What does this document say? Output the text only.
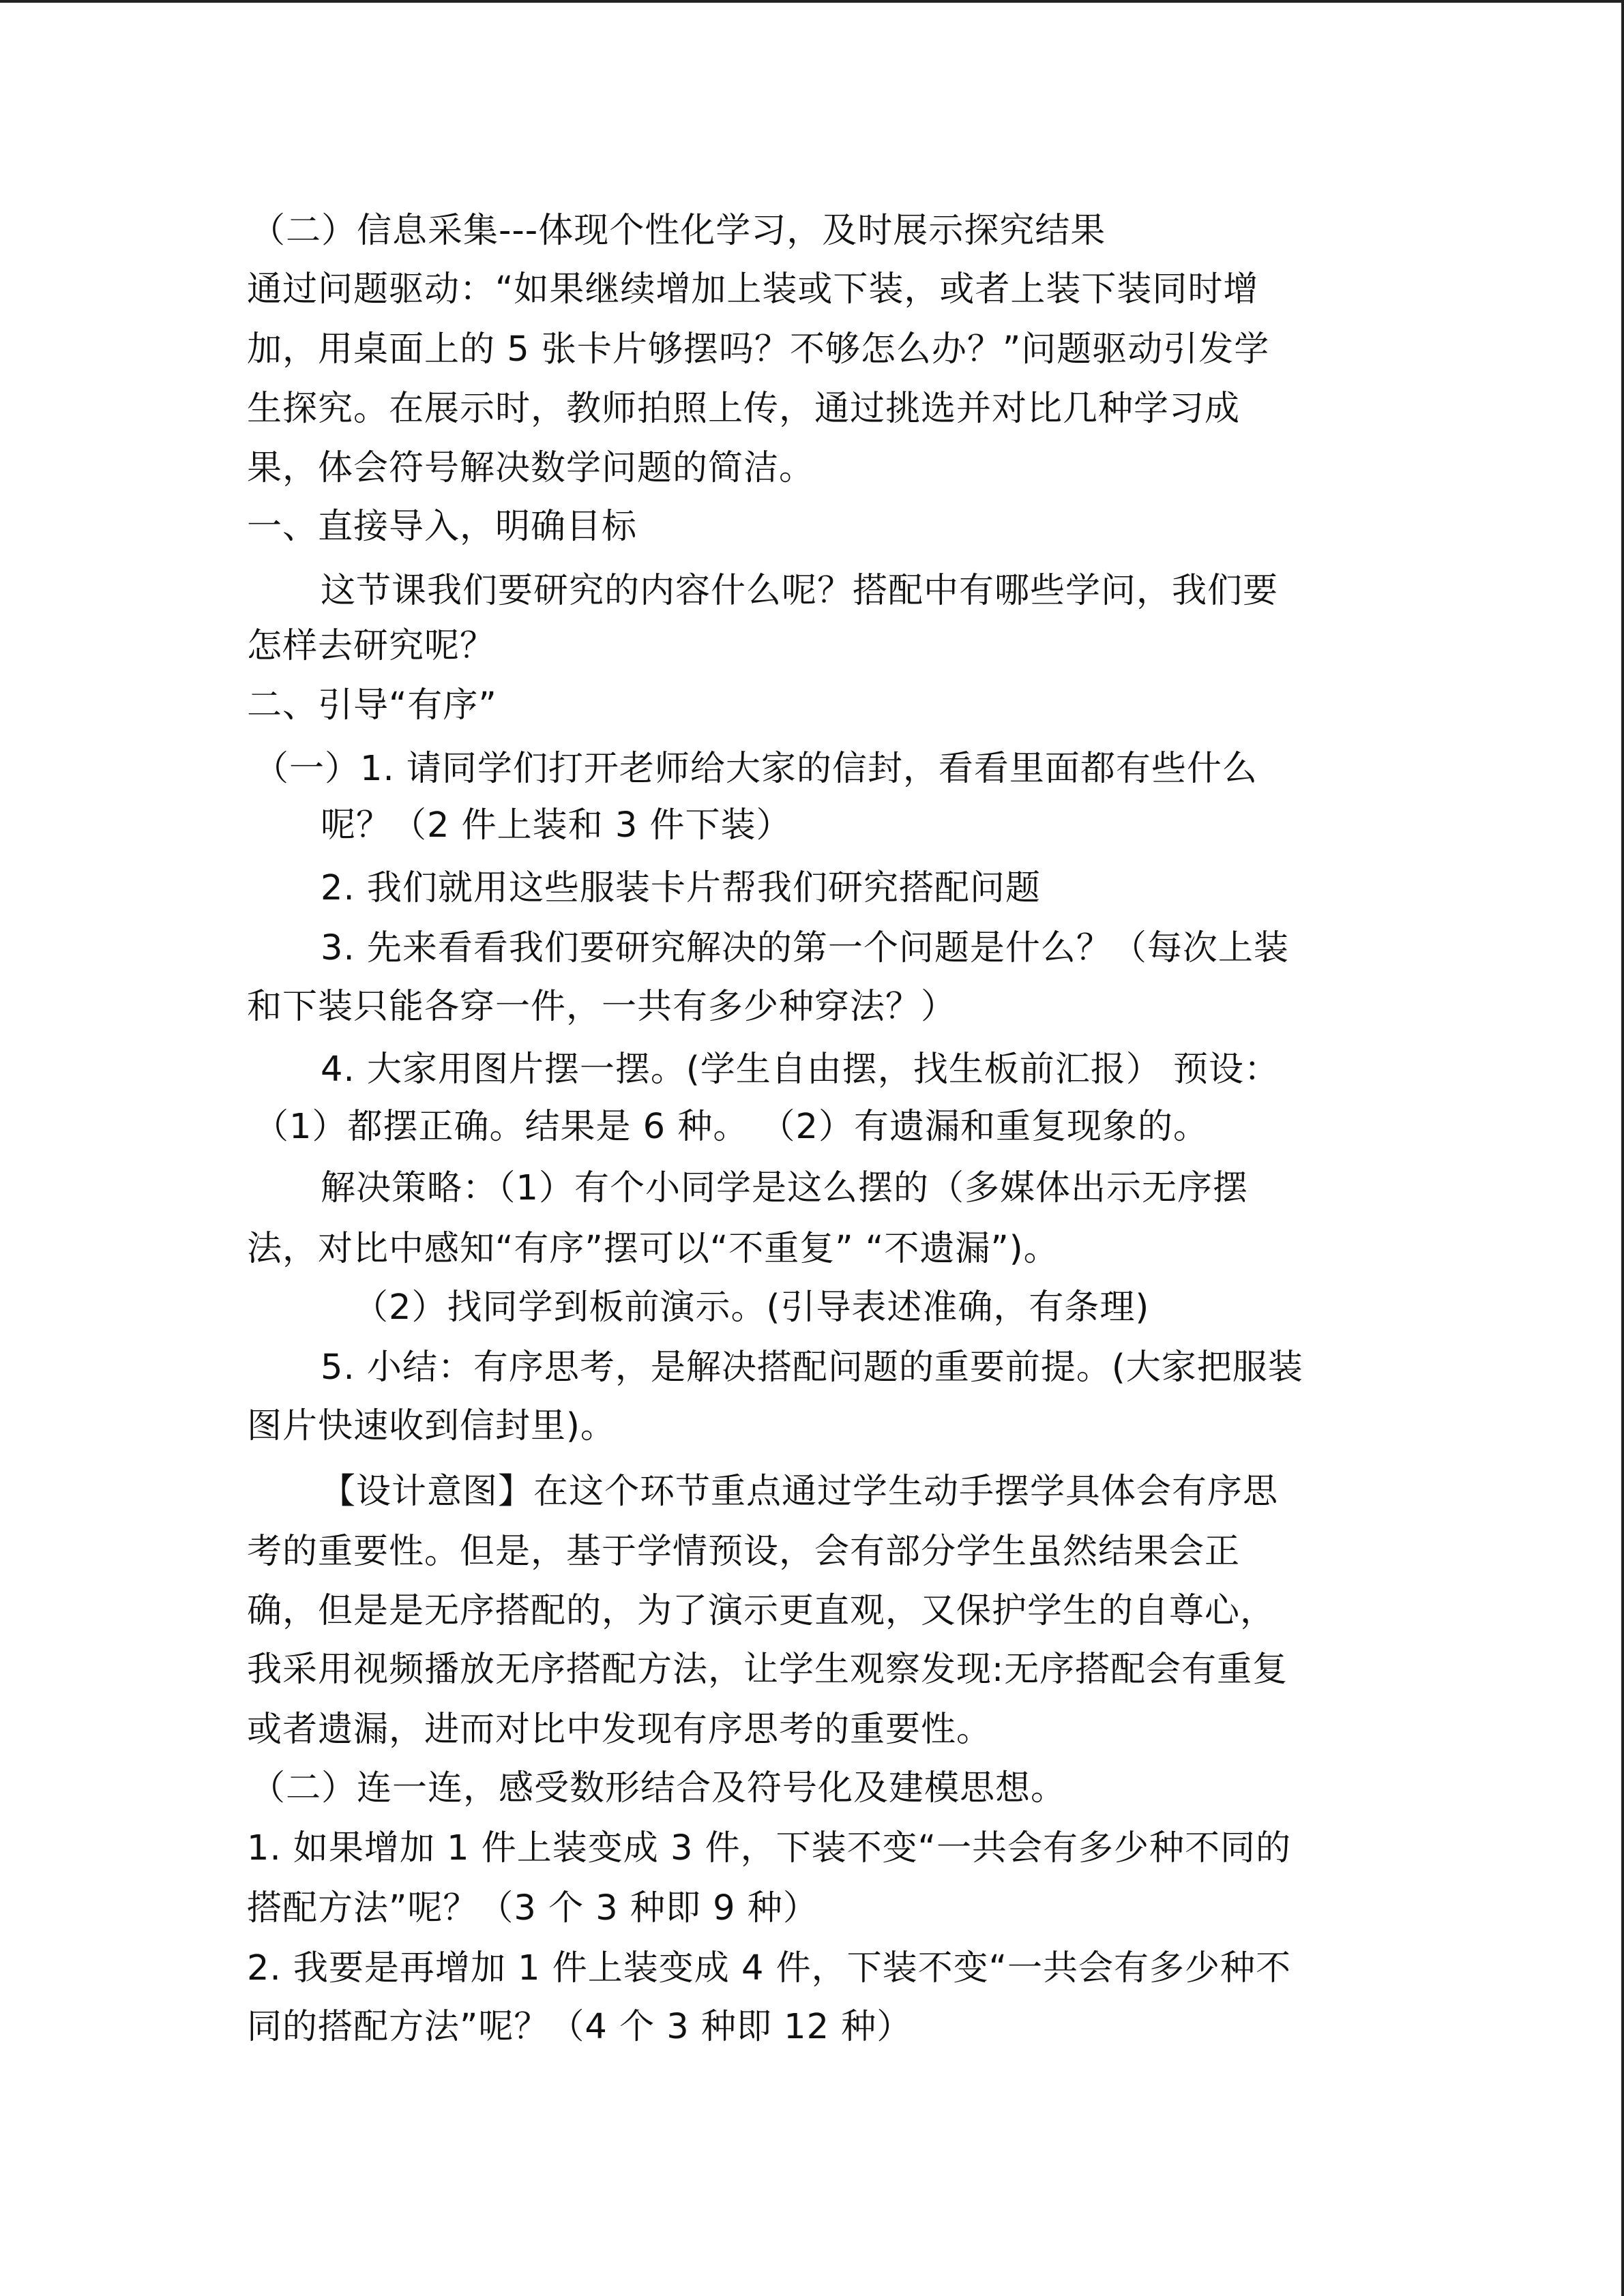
（二）信息采集---体现个性化学习，及时展示探究结果
通过问题驱动：“如果继续增加上装或下装，或者上装下装同时增
加，用桌面上的 5 张卡片够摆吗？不够怎么办？”问题驱动引发学
生探究。在展示时，教师拍照上传，通过挑选并对比几种学习成
果，体会符号解决数学问题的简洁。
一、直接导入，明确目标
这节课我们要研究的内容什么呢？搭配中有哪些学问，我们要
怎样去研究呢？
二、引导“有序”
（一）1. 请同学们打开老师给大家的信封，看看里面都有些什么
呢？（2 件上装和 3 件下装）
2. 我们就用这些服装卡片帮我们研究搭配问题
3. 先来看看我们要研究解决的第一个问题是什么？（每次上装
和下装只能各穿一件，一共有多少种穿法？）
4. 大家用图片摆一摆。(学生自由摆，找生板前汇报） 预设：
（1）都摆正确。结果是 6 种。 （2）有遗漏和重复现象的。
解决策略：（1）有个小同学是这么摆的（多媒体出示无序摆
法，对比中感知“有序”摆可以“不重复” “不遗漏”)。
（2）找同学到板前演示。(引导表述准确，有条理)
5. 小结：有序思考，是解决搭配问题的重要前提。(大家把服装
图片快速收到信封里)。
【设计意图】在这个环节重点通过学生动手摆学具体会有序思
考的重要性。但是，基于学情预设，会有部分学生虽然结果会正
确，但是是无序搭配的，为了演示更直观，又保护学生的自尊心，
我采用视频播放无序搭配方法，让学生观察发现:无序搭配会有重复
或者遗漏，进而对比中发现有序思考的重要性。
（二）连一连，感受数形结合及符号化及建模思想。
1. 如果增加 1 件上装变成 3 件，下装不变“一共会有多少种不同的
搭配方法”呢？（3 个 3 种即 9 种）
2. 我要是再增加 1 件上装变成 4 件，下装不变“一共会有多少种不
同的搭配方法”呢？（4 个 3 种即 12 种）
